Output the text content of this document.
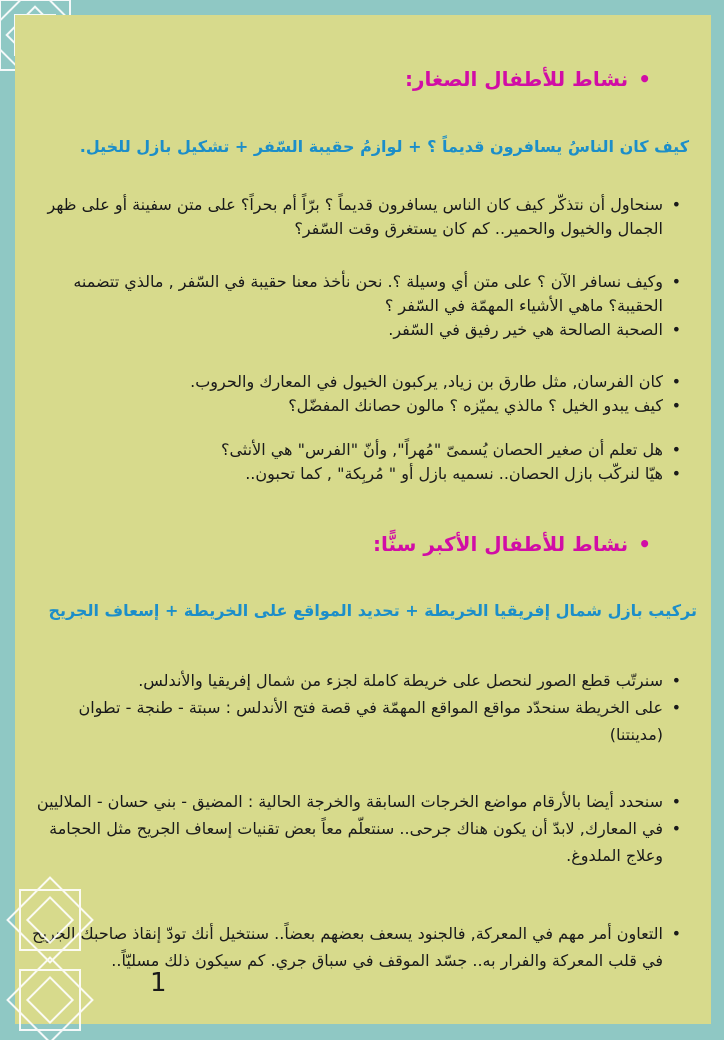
•نشاط للأطفال الصغار:

كيف كان الناسُ يسافرون قديماً ؟ + لوازمُ حقيبة السّفر + تشكيل بازل للخيل.

• سنحاول أن نتذكّر كيف كان الناس يسافرون قديماً ؟ برّاً أم بحراً؟ على متن سفينة أو على ظهر الجمال والخيول والحمير.. كم كان يستغرق وقت السّفر؟
• وكيف نسافر الآن ؟ على متن أي وسيلة ؟. نحن نأخذ معنا حقيبة في السّفر , مالذي تتضمنه الحقيبة؟ ماهي الأشياء المهمّة في السّفر ؟
• الصحبة الصالحة هي خير رفيق في السّفر.
• كان الفرسان, مثل طارق بن زياد, يركبون الخيول في المعارك والحروب.
• كيف يبدو الخيل ؟ مالذي يميّزه ؟ مالون حصانك المفضّل؟
• هل تعلم أن صغير الحصان يُسمىّ "مُهراً", وأنّ "الفرس" هي الأنثى؟
• هيّا لنركّب بازل الحصان.. نسميه بازل أو " مُربِكة" , كما تحبون..
•نشاط للأطفال الأكبر سنًّا:

تركيب بازل شمال إفريقيا الخريطة + تحديد المواقع على الخريطة + إسعاف الجريح

• سنرتّب قطع الصور لنحصل على خريطة كاملة لجزء من شمال إفريقيا والأندلس.
• على الخريطة سنحدّد مواقع المواقع المهمّة في قصة فتح الأندلس : سبتة - طنجة - تطوان (مدينتنا)
• سنحدد أيضا بالأرقام مواضع الخرجات السابقة والخرجة الحالية : المضيق - بني حسان - الملاليين
• في المعارك, لابدّ أن يكون هناك جرحى.. سنتعلّم معاً بعض تقنيات إسعاف الجريح مثل الحجامة وعلاج الملدوغ.
• التعاون أمر مهم في المعركة, فالجنود يسعف بعضهم بعضاً.. سنتخيل أنك تودّ إنقاذ صاحبك الجريح في قلب المعركة والفرار به.. جسّد الموقف في سباق جري. كم سيكون ذلك مسليّاً..
1
